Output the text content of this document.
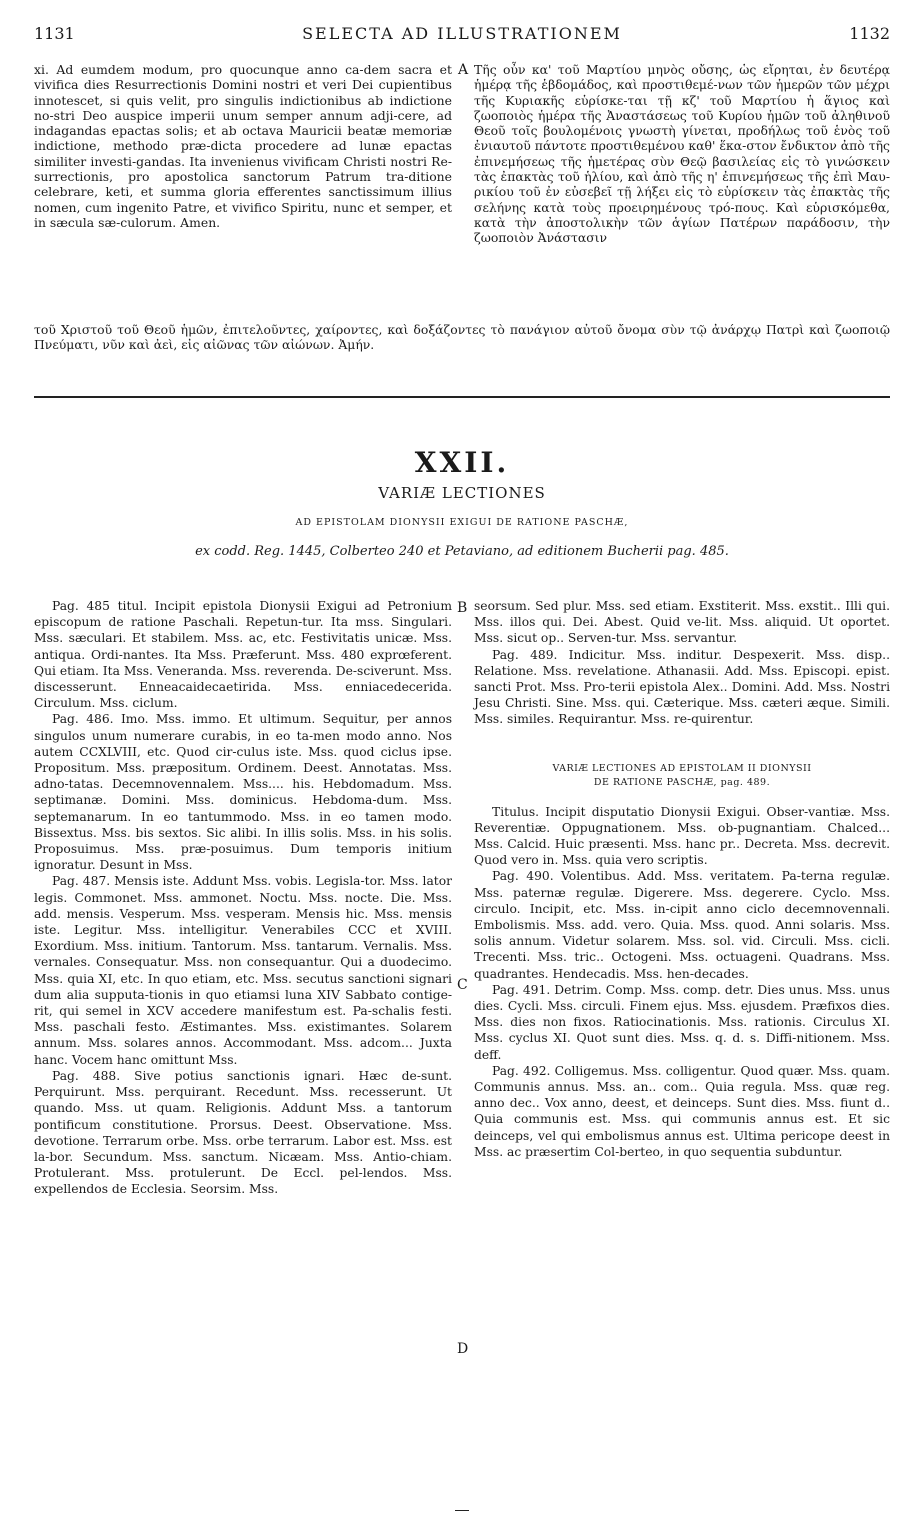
1131	SELECTA AD ILLUSTRATIONEM	1132
xi. Ad eumdem modum, pro quocunque anno ca-dem sacra et vivifica dies Resurrectionis Domini nostri et veri Dei cupientibus innotescet, si quis velit, pro singulis indictionibus ab indictione no-stri Deo auspice imperii unum semper annum adji-cere, ad indagandas epactas solis; et ab octava Mauricii beatæ memoriæ indictione, methodo præ-dicta procedere ad lunæ epactas similiter investi-gandas. Ita invenienus vivificam Christi nostri Re-surrectionis, pro apostolica sanctorum Patrum tra-ditione celebrare, keti, et summa gloria efferentes sanctissimum illius nomen, cum ingenito Patre, et vivifico Spiritu, nunc et semper, et in sæcula sæ-culorum. Amen.
A Τῆς οὖν κα' τοῦ Μαρτίου μηνὸς οὔσης, ὡς εἴρηται, ἐν δευτέρᾳ ἡμέρᾳ τῆς ἑβδομάδος, καὶ προστιθεμέ-νων τῶν ἡμερῶν τῶν μέχρι τῆς Κυριακῆς εὑρίσκε-ται τῇ κζ' τοῦ Μαρτίου ἡ ἅγιος καὶ ζωοποιὸς ἡμέρα τῆς Ἀναστάσεως τοῦ Κυρίου ἡμῶν τοῦ ἀληθινοῦ Θεοῦ τοῖς βουλομένοις γνωστὴ γίνεται, προδήλως τοῦ ἑνὸς τοῦ ἐνιαυτοῦ πάντοτε προστιθεμένου καθ' ἕκα-στον ἔνδικτον ἀπὸ τῆς ἐπινεμήσεως τῆς ἡμετέρας σὺν Θεῷ βασιλείας εἰς τὸ γινώσκειν τὰς ἐπακτὰς τοῦ ἡλίου, καὶ ἀπὸ τῆς η' ἐπινεμήσεως τῆς ἐπὶ Μαυ-ρικίου τοῦ ἐν εὐσεβεῖ τῇ λήξει εἰς τὸ εὑρίσκειν τὰς ἐπακτὰς τῆς σελήνης κατὰ τοὺς προειρημένους τρό-πους. Καὶ εὑρισκόμεθα, κατὰ τὴν ἀποστολικὴν τῶν ἁγίων Πατέρων παράδοσιν, τὴν ζωοποιὸν Ἀνάστασιν
τοῦ Χριστοῦ τοῦ Θεοῦ ἡμῶν, ἐπιτελοῦντες, χαίροντες, καὶ δοξάζοντες τὸ πανάγιον αὐτοῦ ὄνομα σὺν τῷ ἀνάρχῳ Πατρὶ καὶ ζωοποιῷ Πνεύματι, νῦν καὶ ἀεὶ, εἰς αἰῶνας τῶν αἰώνων. Ἀμήν.
XXII.
VARIÆ LECTIONES
AD EPISTOLAM DIONYSII EXIGUI DE RATIONE PASCHÆ,
ex codd. Reg. 1445, Colberteo 240 et Petaviano, ad editionem Bucherii pag. 485.

Pag. 485 titul. Incipit epistola Dionysii Exigui ad Petronium episcopum de ratione Paschali. Repetun-tur. Ita mss. Singulari. Mss. sæculari. Et stabilem. Mss. ac, etc. Festivitatis unicæ. Mss. antiqua. Ordi-nantes. Ita Mss. Præferunt. Mss. 480 exprœferent. Qui etiam. Ita Mss. Veneranda. Mss. reverenda. De-sciverunt. Mss. discesserunt. Enneacaidecaetirida. Mss. enniacedecerida. Circulum. Mss. ciclum.

Pag. 486. Imo. Mss. immo. Et ultimum. Sequitur, per annos singulos unum numerare curabis, in eo ta-men modo anno. Nos autem CCXLVIII, etc. Quod cir-culus iste. Mss. quod ciclus ipse. Propositum. Mss. præpositum. Ordinem. Deest. Annotatas. Mss. adno-tatas. Decemnovennalem. Mss.... his. Hebdomadum. Mss. septimanæ. Domini. Mss. dominicus. Hebdoma-dum. Mss. septemanarum. In eo tantummodo. Mss. in eo tamen modo. Bissextus. Mss. bis sextos. Sic alibi. In illis solis. Mss. in his solis. Proposuimus. Mss. præ-posuimus. Dum temporis initium ignoratur. Desunt in Mss.

Pag. 487. Mensis iste. Addunt Mss. vobis. Legisla-tor. Mss. lator legis. Commonet. Mss. ammonet. Noctu. Mss. nocte. Die. Mss. add. mensis. Vesperum. Mss. vesperam. Mensis hic. Mss. mensis iste. Legitur. Mss. intelligitur. Venerabiles CCC et XVIII. Exordium. Mss. initium. Tantorum. Mss. tantarum. Vernalis. Mss. vernales. Consequatur. Mss. non consequantur. Qui a duodecimo. Mss. quia XI, etc. In quo etiam, etc. Mss. secutus sanctioni signari dum alia supputa-tionis in quo etiamsi luna XIV Sabbato contige-rit, qui semel in XCV accedere manifestum est. Pa-schalis festi. Mss. paschali festo. Æstimantes. Mss. existimantes. Solarem annum. Mss. solares annos. Accommodant. Mss. adcom... Juxta hanc. Vocem hanc omittunt Mss.

Pag. 488. Sive potius sanctionis ignari. Hæc de-sunt. Perquirunt. Mss. perquirant. Recedunt. Mss. recesserunt. Ut quando. Mss. ut quam. Religionis. Addunt Mss. a tantorum pontificum constitutione. Prorsus. Deest. Observatione. Mss. devotione. Terrarum orbe. Mss. orbe terrarum. Labor est. Mss. est la-bor. Secundum. Mss. sanctum. Nicæam. Mss. Antio-chiam. Protulerant. Mss. protulerunt. De Eccl. pel-lendos. Mss. expellendos de Ecclesia. Seorsim. Mss.

B
C
D

seorsum. Sed plur. Mss. sed etiam. Exstiterit. Mss. exstit.. Illi qui. Mss. illos qui. Dei. Abest. Quid ve-lit. Mss. aliquid. Ut oportet. Mss. sicut op.. Serven-tur. Mss. servantur.

Pag. 489. Indicitur. Mss. inditur. Despexerit. Mss. disp.. Relatione. Mss. revelatione. Athanasii. Add. Mss. Episcopi. epist. sancti Prot. Mss. Pro-terii epistola Alex.. Domini. Add. Mss. Nostri Jesu Christi. Sine. Mss. qui. Cæterique. Mss. cæteri æque. Simili. Mss. similes. Requirantur. Mss. re-quirentur.

VARIÆ LECTIONES AD EPISTOLAM II DIONYSII
DE RATIONE PASCHÆ, pag. 489.

Titulus. Incipit disputatio Dionysii Exigui. Obser-vantiæ. Mss. Reverentiæ. Oppugnationem. Mss. ob-pugnantiam. Chalced... Mss. Calcid. Huic præsenti. Mss. hanc pr.. Decreta. Mss. decrevit. Quod vero in. Mss. quia vero scriptis.

Pag. 490. Volentibus. Add. Mss. veritatem. Pa-terna regulæ. Mss. paternæ regulæ. Digerere. Mss. degerere. Cyclo. Mss. circulo. Incipit, etc. Mss. in-cipit anno ciclo decemnovennali. Embolismis. Mss. add. vero. Quia. Mss. quod. Anni solaris. Mss. solis annum. Videtur solarem. Mss. sol. vid. Circuli. Mss. cicli. Trecenti. Mss. tric.. Octogeni. Mss. octuageni. Quadrans. Mss. quadrantes. Hendecadis. Mss. hen-decades.

Pag. 491. Detrim. Comp. Mss. comp. detr. Dies unus. Mss. unus dies. Cycli. Mss. circuli. Finem ejus. Mss. ejusdem. Præfixos dies. Mss. dies non fixos. Ratiocinationis. Mss. rationis. Circulus XI. Mss. cyclus XI. Quot sunt dies. Mss. q. d. s. Diffi-nitionem. Mss. deff.

Pag. 492. Colligemus. Mss. colligentur. Quod quær. Mss. quam. Communis annus. Mss. an.. com.. Quia regula. Mss. quæ reg. anno dec.. Vox anno, deest, et deinceps. Sunt dies. Mss. fiunt d.. Quia communis est. Mss. qui communis annus est. Et sic deinceps, vel qui embolismus annus est. Ultima pericope deest in Mss. ac præsertim Col-berteo, in quo sequentia subduntur.
